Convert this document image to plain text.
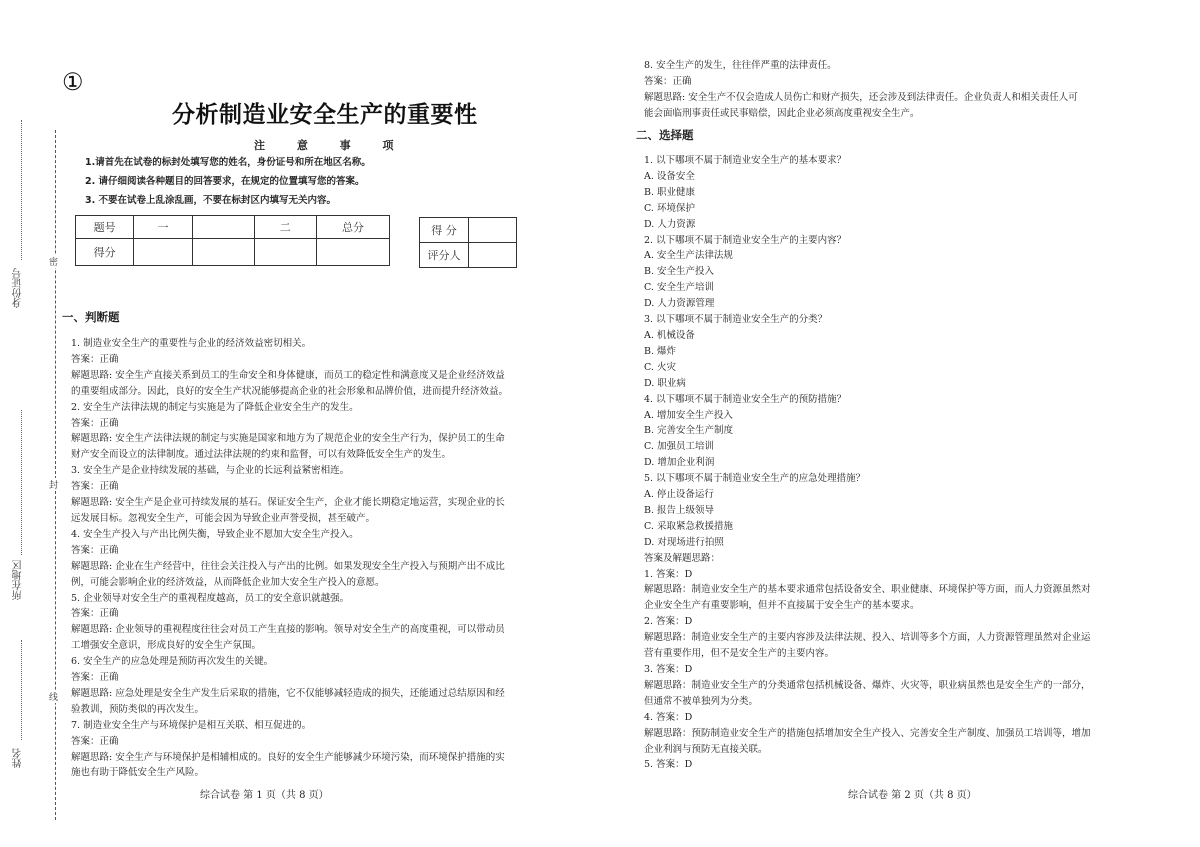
身份证号
所在地区
姓名
密
封
线
①
分析制造业安全生产的重要性
注 意 事 项
1.请首先在试卷的标封处填写您的姓名，身份证号和所在地区名称。
2. 请仔细阅读各种题目的回答要求，在规定的位置填写您的答案。
3. 不要在试卷上乱涂乱画，不要在标封区内填写无关内容。
题号	一		二	总分
得分				
得 分	
评分人	
一、判断题
1. 制造业安全生产的重要性与企业的经济效益密切相关。
答案：正确
解题思路: 安全生产直接关系到员工的生命安全和身体健康，而员工的稳定性和满意度又是企业经济效益
的重要组成部分。因此，良好的安全生产状况能够提高企业的社会形象和品牌价值，进而提升经济效益。
2. 安全生产法律法规的制定与实施是为了降低企业安全生产的发生。
答案：正确
解题思路: 安全生产法律法规的制定与实施是国家和地方为了规范企业的安全生产行为，保护员工的生命
财产安全而设立的法律制度。通过法律法规的约束和监督，可以有效降低安全生产的发生。
3. 安全生产是企业持续发展的基础，与企业的长远利益紧密相连。
答案：正确
解题思路: 安全生产是企业可持续发展的基石。保证安全生产，企业才能长期稳定地运营，实现企业的长
远发展目标。忽视安全生产，可能会因为导致企业声誉受损，甚至破产。
4. 安全生产投入与产出比例失衡，导致企业不愿加大安全生产投入。
答案：正确
解题思路: 企业在生产经营中，往往会关注投入与产出的比例。如果发现安全生产投入与预期产出不成比
例，可能会影响企业的经济效益，从而降低企业加大安全生产投入的意愿。
5. 企业领导对安全生产的重视程度越高，员工的安全意识就越强。
答案：正确
解题思路: 企业领导的重视程度往往会对员工产生直接的影响。领导对安全生产的高度重视，可以带动员
工增强安全意识，形成良好的安全生产氛围。
6. 安全生产的应急处理是预防再次发生的关键。
答案：正确
解题思路: 应急处理是安全生产发生后采取的措施，它不仅能够减轻造成的损失，还能通过总结原因和经
验教训，预防类似的再次发生。
7. 制造业安全生产与环境保护是相互关联、相互促进的。
答案：正确
解题思路: 安全生产与环境保护是相辅相成的。良好的安全生产能够减少环境污染，而环境保护措施的实
施也有助于降低安全生产风险。
综合试卷 第 1 页（共 8 页）
8. 安全生产的发生，往往伴严重的法律责任。
答案：正确
解题思路: 安全生产不仅会造成人员伤亡和财产损失，还会涉及到法律责任。企业负责人和相关责任人可
能会面临刑事责任或民事赔偿，因此企业必须高度重视安全生产。
二、选择题
1. 以下哪项不属于制造业安全生产的基本要求？
A. 设备安全
B. 职业健康
C. 环境保护
D. 人力资源
2. 以下哪项不属于制造业安全生产的主要内容？
A. 安全生产法律法规
B. 安全生产投入
C. 安全生产培训
D. 人力资源管理
3. 以下哪项不属于制造业安全生产的分类？
A. 机械设备
B. 爆炸
C. 火灾
D. 职业病
4. 以下哪项不属于制造业安全生产的预防措施？
A. 增加安全生产投入
B. 完善安全生产制度
C. 加强员工培训
D. 增加企业利润
5. 以下哪项不属于制造业安全生产的应急处理措施？
A. 停止设备运行
B. 报告上级领导
C. 采取紧急救援措施
D. 对现场进行拍照
答案及解题思路：
1. 答案：D
解题思路：制造业安全生产的基本要求通常包括设备安全、职业健康、环境保护等方面，而人力资源虽然对
企业安全生产有重要影响，但并不直接属于安全生产的基本要求。
2. 答案：D
解题思路：制造业安全生产的主要内容涉及法律法规、投入、培训等多个方面，人力资源管理虽然对企业运
营有重要作用，但不是安全生产的主要内容。
3. 答案：D
解题思路：制造业安全生产的分类通常包括机械设备、爆炸、火灾等，职业病虽然也是安全生产的一部分，
但通常不被单独列为分类。
4. 答案：D
解题思路：预防制造业安全生产的措施包括增加安全生产投入、完善安全生产制度、加强员工培训等，增加
企业利润与预防无直接关联。
5. 答案：D
综合试卷 第 2 页（共 8 页）
